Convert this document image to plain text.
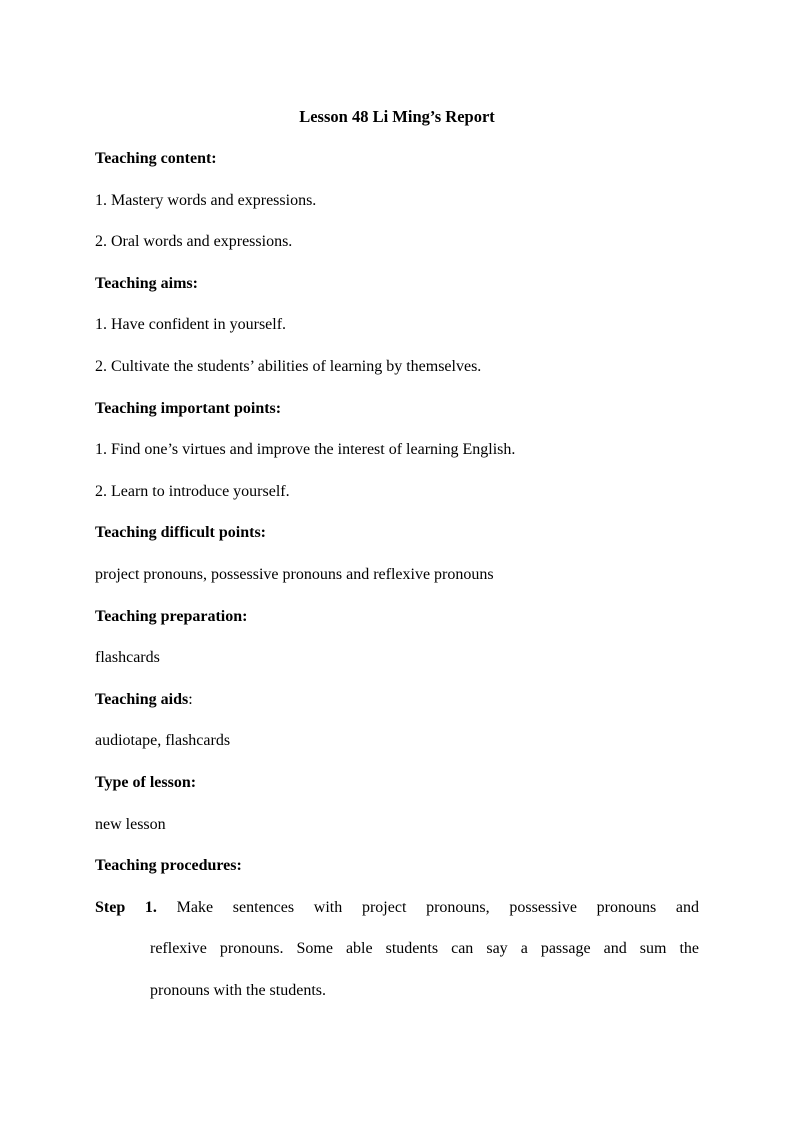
Lesson 48 Li Ming’s Report
Teaching content:
1. Mastery words and expressions.
2. Oral words and expressions.
Teaching aims:
1. Have confident in yourself.
2. Cultivate the students’ abilities of learning by themselves.
Teaching important points:
1. Find one’s virtues and improve the interest of learning English.
2. Learn to introduce yourself.
Teaching difficult points:
project pronouns, possessive pronouns and reflexive pronouns
Teaching preparation:
flashcards
Teaching aids:
audiotape, flashcards
Type of lesson:
new lesson
Teaching procedures:
Step 1. Make sentences with project pronouns, possessive pronouns and
reflexive pronouns. Some able students can say a passage and sum the
pronouns with the students.
